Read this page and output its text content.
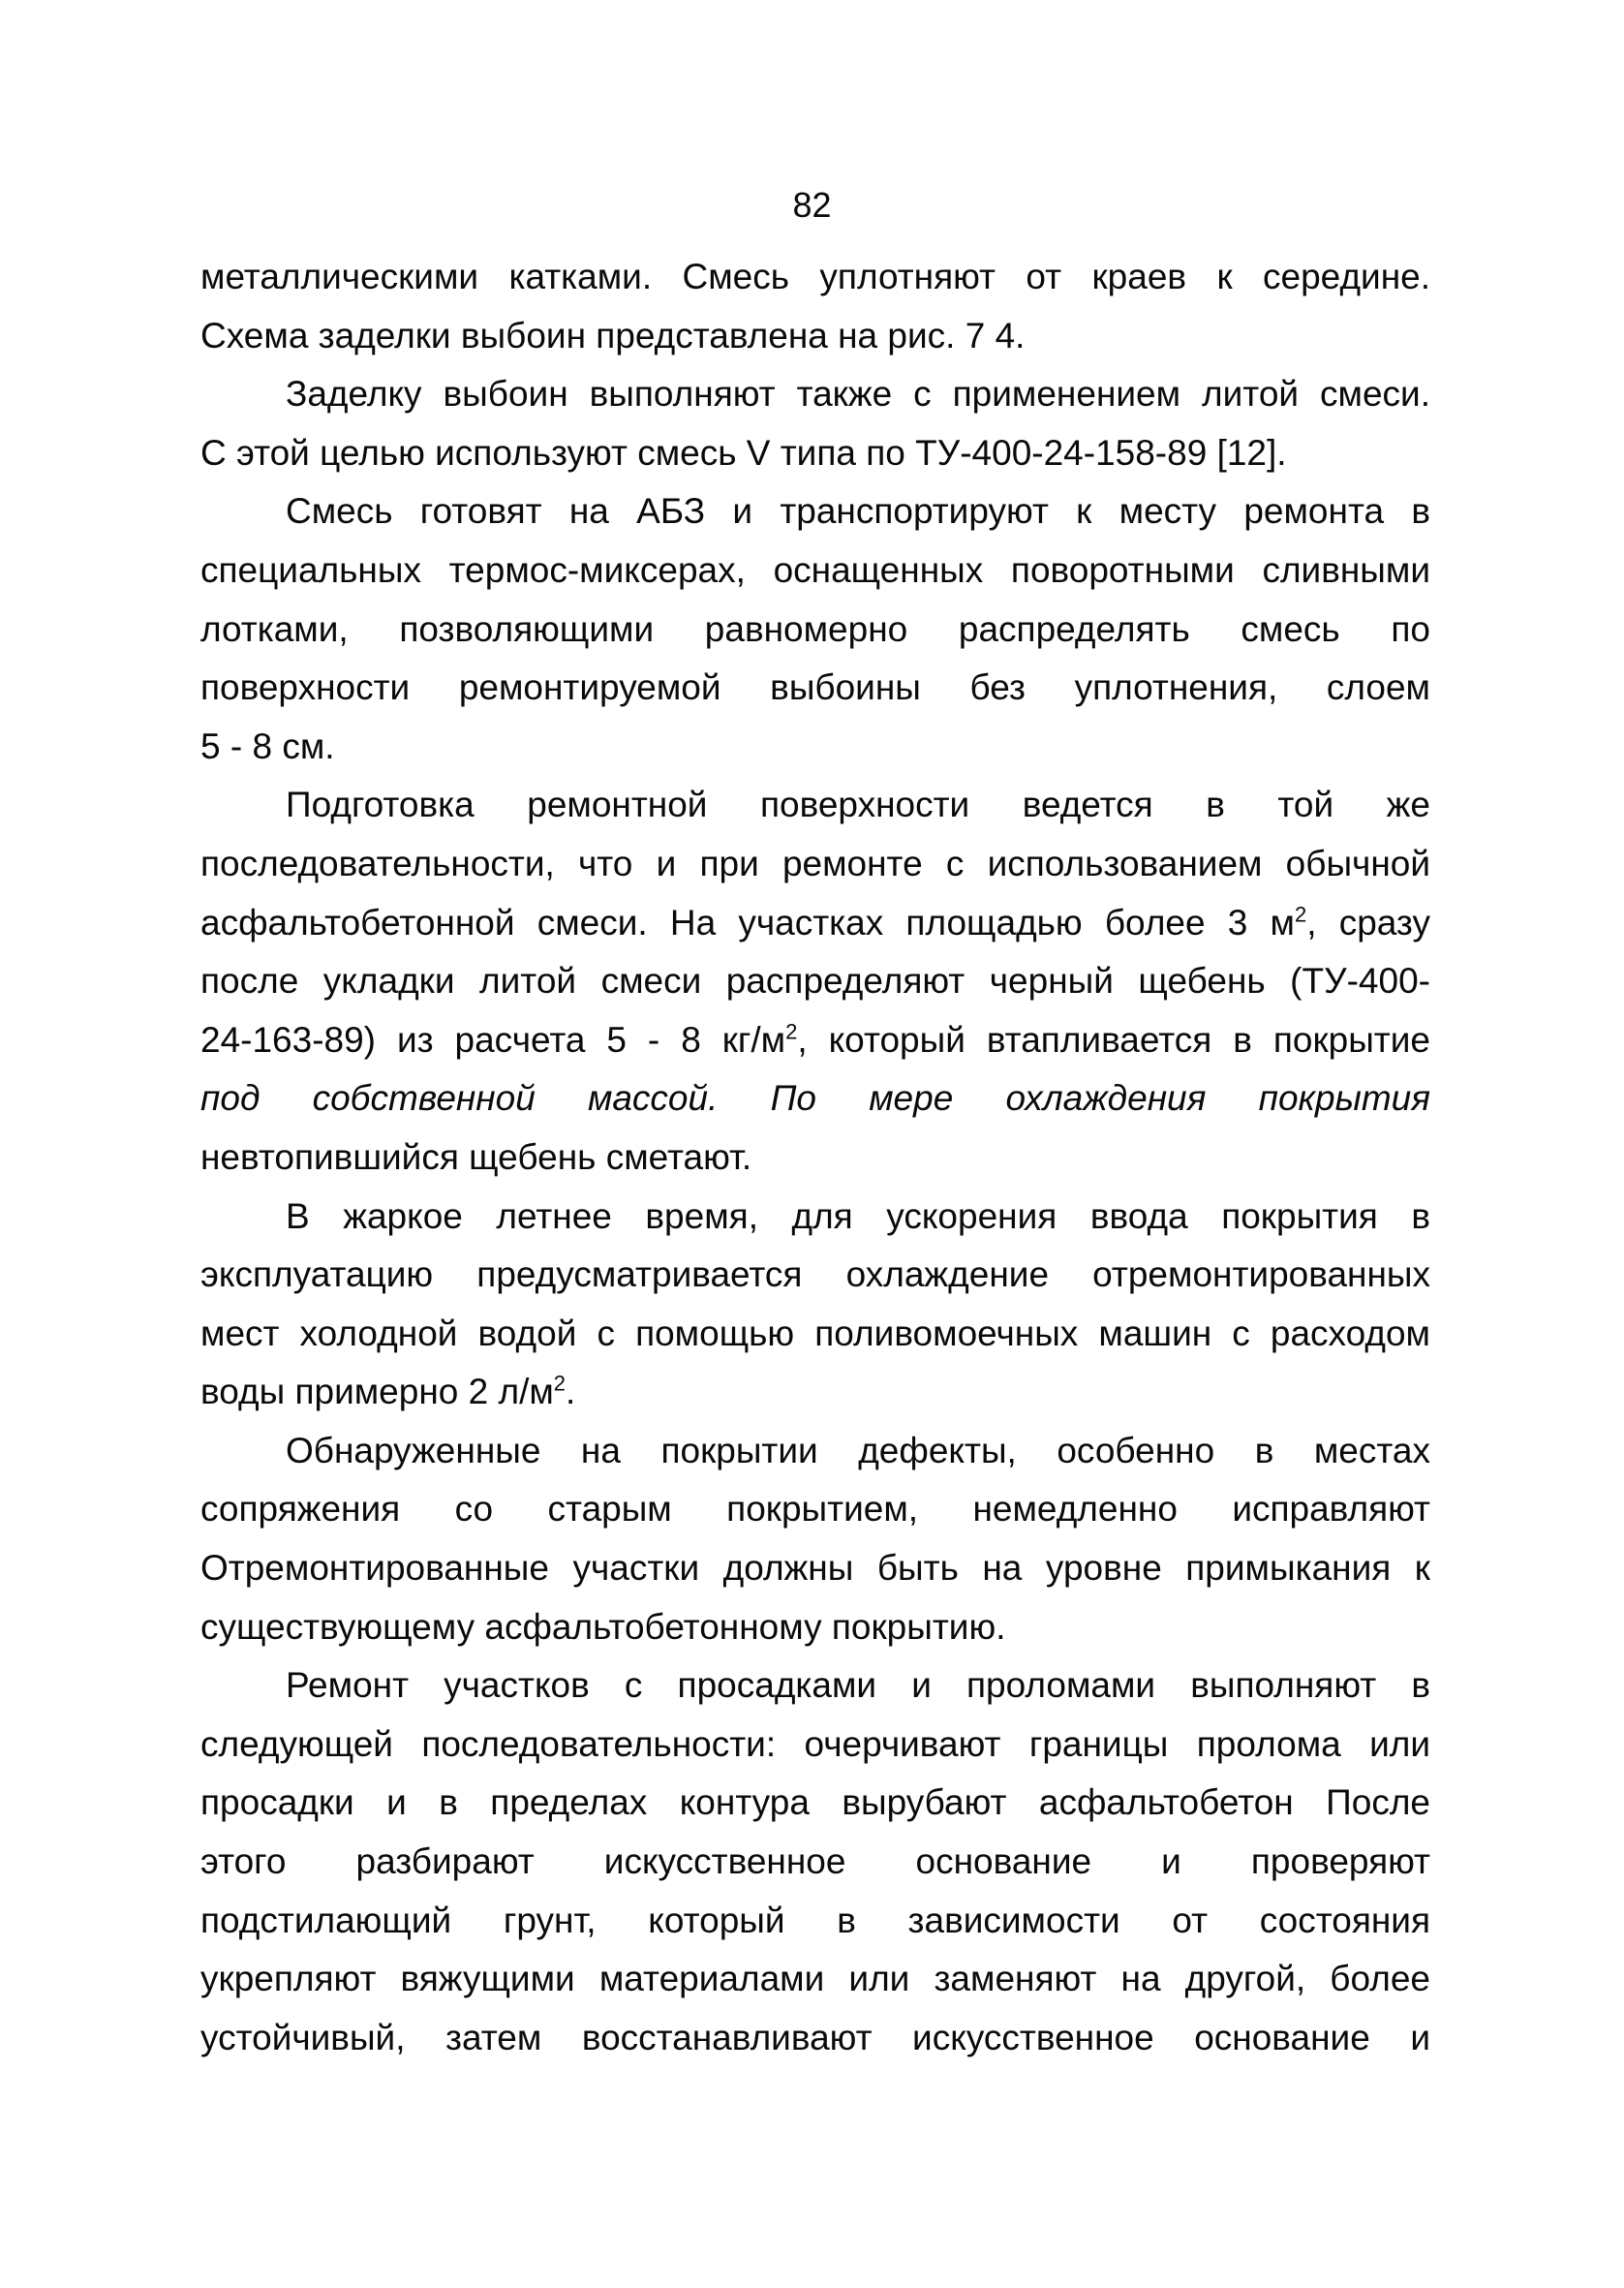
82
металлическими катками. Смесь уплотняют от краев к середине.
Схема заделки выбоин представлена на рис. 7 4.
Заделку выбоин выполняют также с применением литой смеси.
С этой целью используют смесь V типа по ТУ-400-24-158-89 [12].
Смесь готовят на АБЗ и транспортируют к месту ремонта в
специальных термос-миксерах, оснащенных поворотными сливными
лотками, позволяющими равномерно распределять смесь по
поверхности ремонтируемой выбоины без уплотнения, слоем
5 - 8 см.
Подготовка ремонтной поверхности ведется в той же
последовательности, что и при ремонте с использованием обычной
асфальтобетонной смеси. На участках площадью более 3 $м^2$, сразу
после укладки литой смеси распределяют черный щебень (ТУ-400-
24-163-89) из расчета 5 - 8 $кг/м^2$, который втапливается в покрытие
под собственной массой. По мере охлаждения покрытия
невтопившийся щебень сметают.
В жаркое летнее время, для ускорения ввода покрытия в
эксплуатацию предусматривается охлаждение отремонтированных
мест холодной водой с помощью поливомоечных машин с расходом
воды примерно 2 $л/м^2$.
Обнаруженные на покрытии дефекты, особенно в местах
сопряжения со старым покрытием, немедленно исправляют
Отремонтированные участки должны быть на уровне примыкания к
существующему асфальтобетонному покрытию.
Ремонт участков с просадками и проломами выполняют в
следующей последовательности: очерчивают границы пролома или
просадки и в пределах контура вырубают асфальтобетон После
этого разбирают искусственное основание и проверяют
подстилающий грунт, который в зависимости от состояния
укрепляют вяжущими материалами или заменяют на другой, более
устойчивый, затем восстанавливают искусственное основание и
